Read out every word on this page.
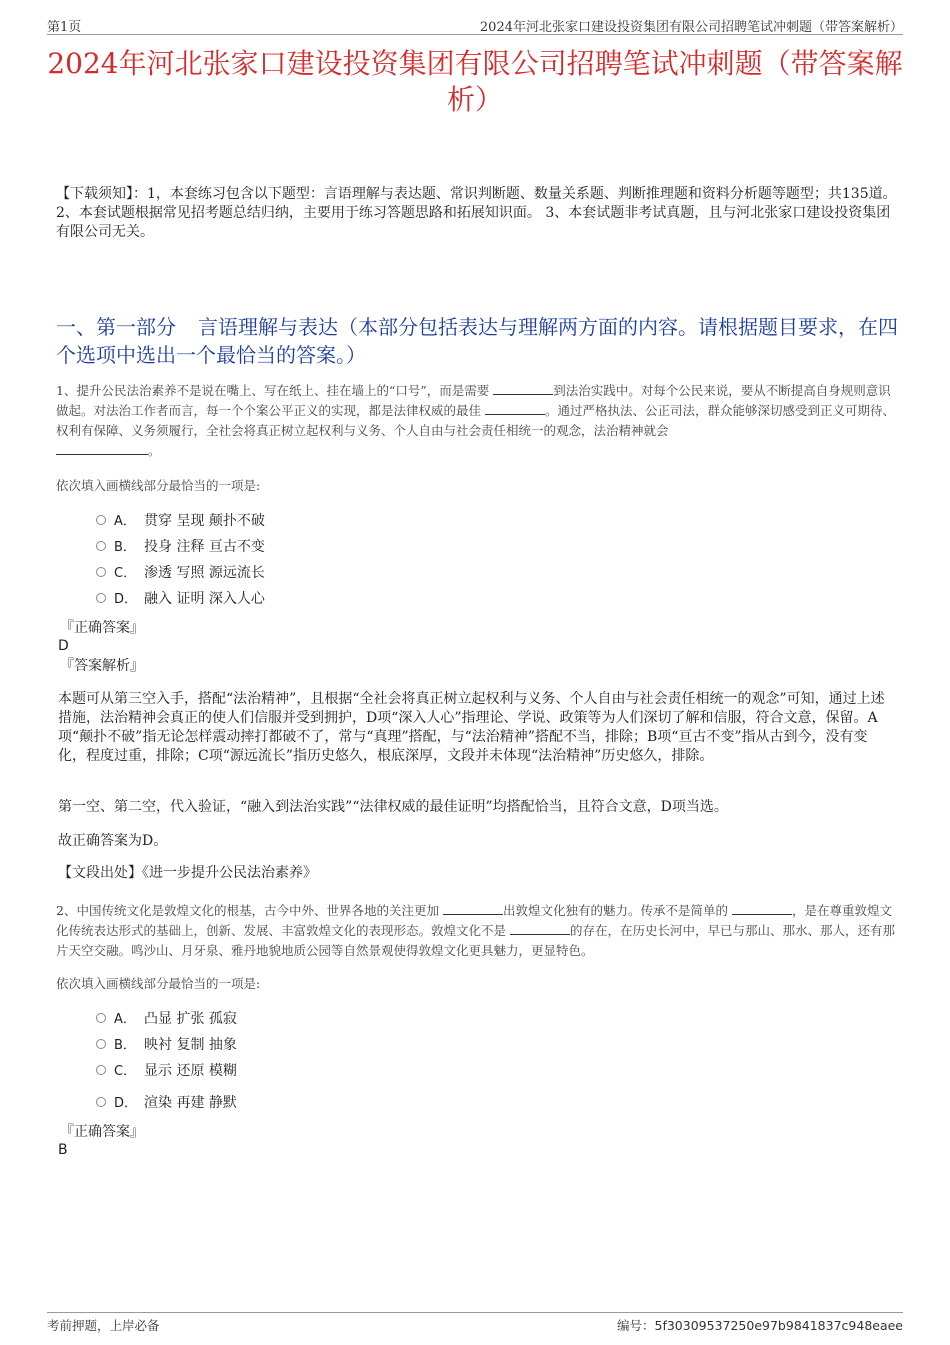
第1页	2024年河北张家口建设投资集团有限公司招聘笔试冲刺题（带答案解析）
2024年河北张家口建设投资集团有限公司招聘笔试冲刺题（带答案解析）
【下载须知】：1，本套练习包含以下题型：言语理解与表达题、常识判断题、数量关系题、判断推理题和资料分析题等题型；共135道。 2、本套试题根据常见招考题总结归纳，主要用于练习答题思路和拓展知识面。 3、本套试题非考试真题，且与河北张家口建设投资集团有限公司无关。
一、第一部分 言语理解与表达（本部分包括表达与理解两方面的内容。请根据题目要求，在四个选项中选出一个最恰当的答案。）
1、提升公民法治素养不是说在嘴上、写在纸上、挂在墙上的“口号”，而是需要	到法治实践中。对每个公民来说，要从不断提高自身规则意识做起。对法治工作者而言，每一个个案公平正义的实现，都是法律权威的最佳	。通过严格执法、公正司法，群众能够深切感受到正义可期待、权利有保障、义务须履行，全社会将真正树立起权利与义务、个人自由与社会责任相统一的观念，法治精神就会
。
依次填入画横线部分最恰当的一项是:
A． 贯穿 呈现 颠扑不破
B． 投身 注释 亘古不变
C． 渗透 写照 源远流长
D． 融入 证明 深入人心
『正确答案』
D
『答案解析』
本题可从第三空入手，搭配“法治精神”，且根据“全社会将真正树立起权利与义务、个人自由与社会责任相统一的观念”可知，通过上述措施，法治精神会真正的使人们信服并受到拥护，D项“深入人心”指理论、学说、政策等为人们深切了解和信服，符合文意，保留。A项“颠扑不破”指无论怎样震动摔打都破不了，常与“真理”搭配，与“法治精神”搭配不当，排除；B项“亘古不变”指从古到今，没有变化，程度过重，排除；C项“源远流长”指历史悠久，根底深厚，文段并未体现“法治精神”历史悠久，排除。
第一空、第二空，代入验证，“融入到法治实践”“法律权威的最佳证明”均搭配恰当，且符合文意，D项当选。
故正确答案为D。
【文段出处】《进一步提升公民法治素养》
2、中国传统文化是敦煌文化的根基，古今中外、世界各地的关注更加	出敦煌文化独有的魅力。传承不是简单的	，是在尊重敦煌文化传统表达形式的基础上，创新、发展、丰富敦煌文化的表现形态。敦煌文化不是	的存在，在历史长河中，早已与那山、那水、那人，还有那片天空交融。鸣沙山、月牙泉、雅丹地貌地质公园等自然景观使得敦煌文化更具魅力，更显特色。
依次填入画横线部分最恰当的一项是:
A． 凸显 扩张 孤寂
B． 映衬 复制 抽象
C． 显示 还原 模糊
D． 渲染 再建 静默
『正确答案』
B
考前押题，上岸必备	编号：5f30309537250e97b9841837c948eaee
